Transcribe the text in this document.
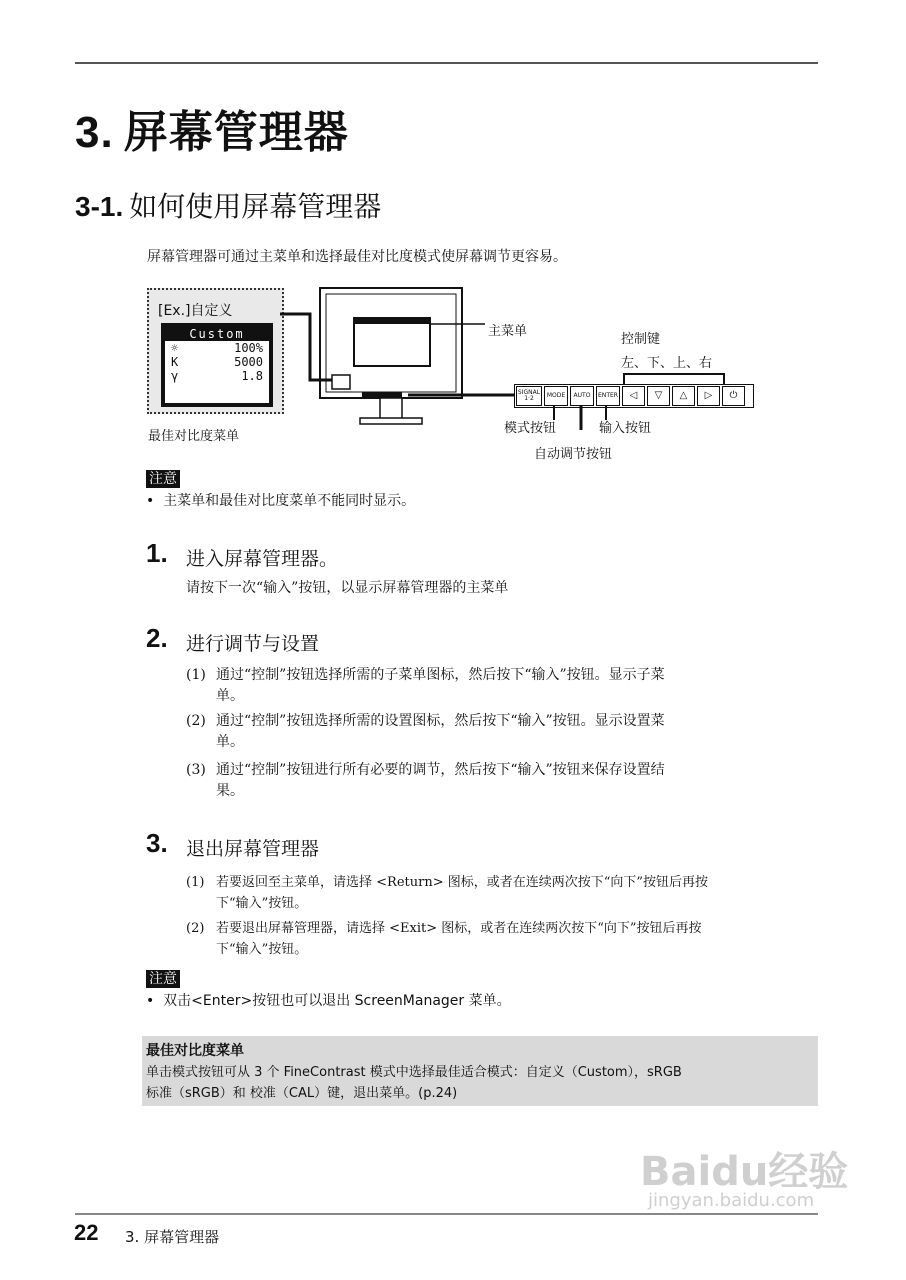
3. 屏幕管理器
3-1. 如何使用屏幕管理器
屏幕管理器可通过主菜单和选择最佳对比度模式使屏幕调节更容易。
[Ex.]自定义
Custom
☼	100%
K	5000
γ	1.8
最佳对比度菜单
主菜单
控制键
左、下、上、右
SIGNAL 1·2	MODE	AUTO	ENTER	◁	▽	△	▷	⏻
模式按钮	输入按钮
自动调节按钮
注意
•  主菜单和最佳对比度菜单不能同时显示。
1. 进入屏幕管理器。
请按下一次“输入”按钮，以显示屏幕管理器的主菜单
2. 进行调节与设置
(1) 通过“控制”按钮选择所需的子菜单图标，然后按下“输入”按钮。显示子菜
单。
(2) 通过“控制”按钮选择所需的设置图标，然后按下“输入”按钮。显示设置菜
单。
(3) 通过“控制”按钮进行所有必要的调节，然后按下“输入”按钮来保存设置结
果。
3. 退出屏幕管理器
(1) 若要返回至主菜单，请选择 <Return> 图标，或者在连续两次按下“向下”按钮后再按
下“输入”按钮。
(2) 若要退出屏幕管理器，请选择 <Exit> 图标，或者在连续两次按下“向下”按钮后再按
下“输入”按钮。
注意
•  双击<Enter>按钮也可以退出 ScreenManager 菜单。
最佳对比度菜单
单击模式按钮可从 3 个 FineContrast 模式中选择最佳适合模式：自定义（Custom），sRGB
标准（sRGB）和 校准（CAL）键，退出菜单。(p.24)
Baidu经验
jingyan.baidu.com
22 3. 屏幕管理器
